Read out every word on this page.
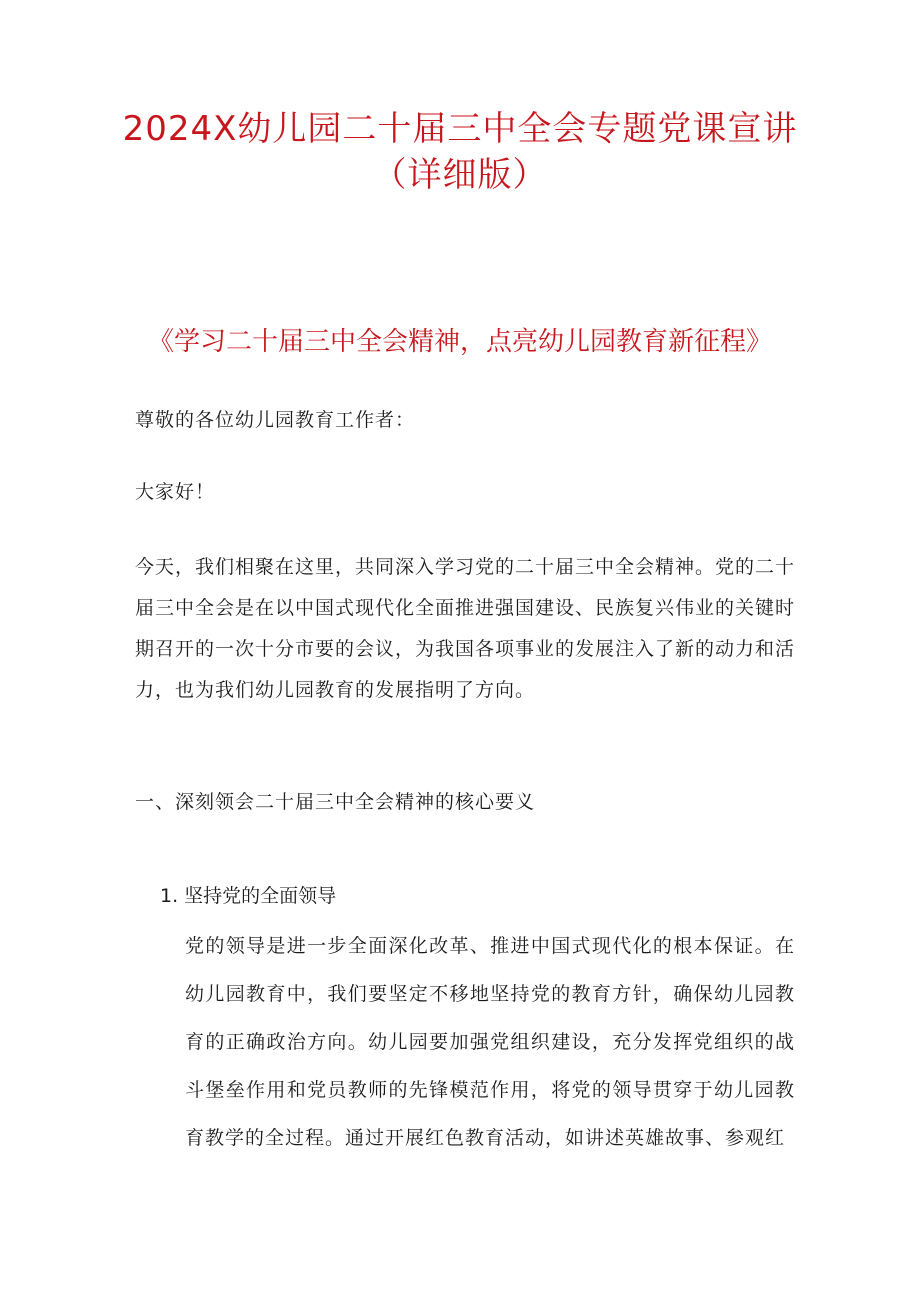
2024X幼儿园二十届三中全会专题党课宣讲
（详细版）
《学习二十届三中全会精神，点亮幼儿园教育新征程》

尊敬的各位幼儿园教育工作者：

大家好！

今天，我们相聚在这里，共同深入学习党的二十届三中全会精神。党的二十届三中全会是在以中国式现代化全面推进强国建设、民族复兴伟业的关键时期召开的一次十分市要的会议，为我国各项事业的发展注入了新的动力和活力，也为我们幼儿园教育的发展指明了方向。

一、深刻领会二十届三中全会精神的核心要义

1. 坚持党的全面领导

党的领导是进一步全面深化改革、推进中国式现代化的根本保证。在幼儿园教育中，我们要坚定不移地坚持党的教育方针，确保幼儿园教育的正确政治方向。幼儿园要加强党组织建设，充分发挥党组织的战斗堡垒作用和党员教师的先锋模范作用，将党的领导贯穿于幼儿园教育教学的全过程。通过开展红色教育活动，如讲述英雄故事、参观红
